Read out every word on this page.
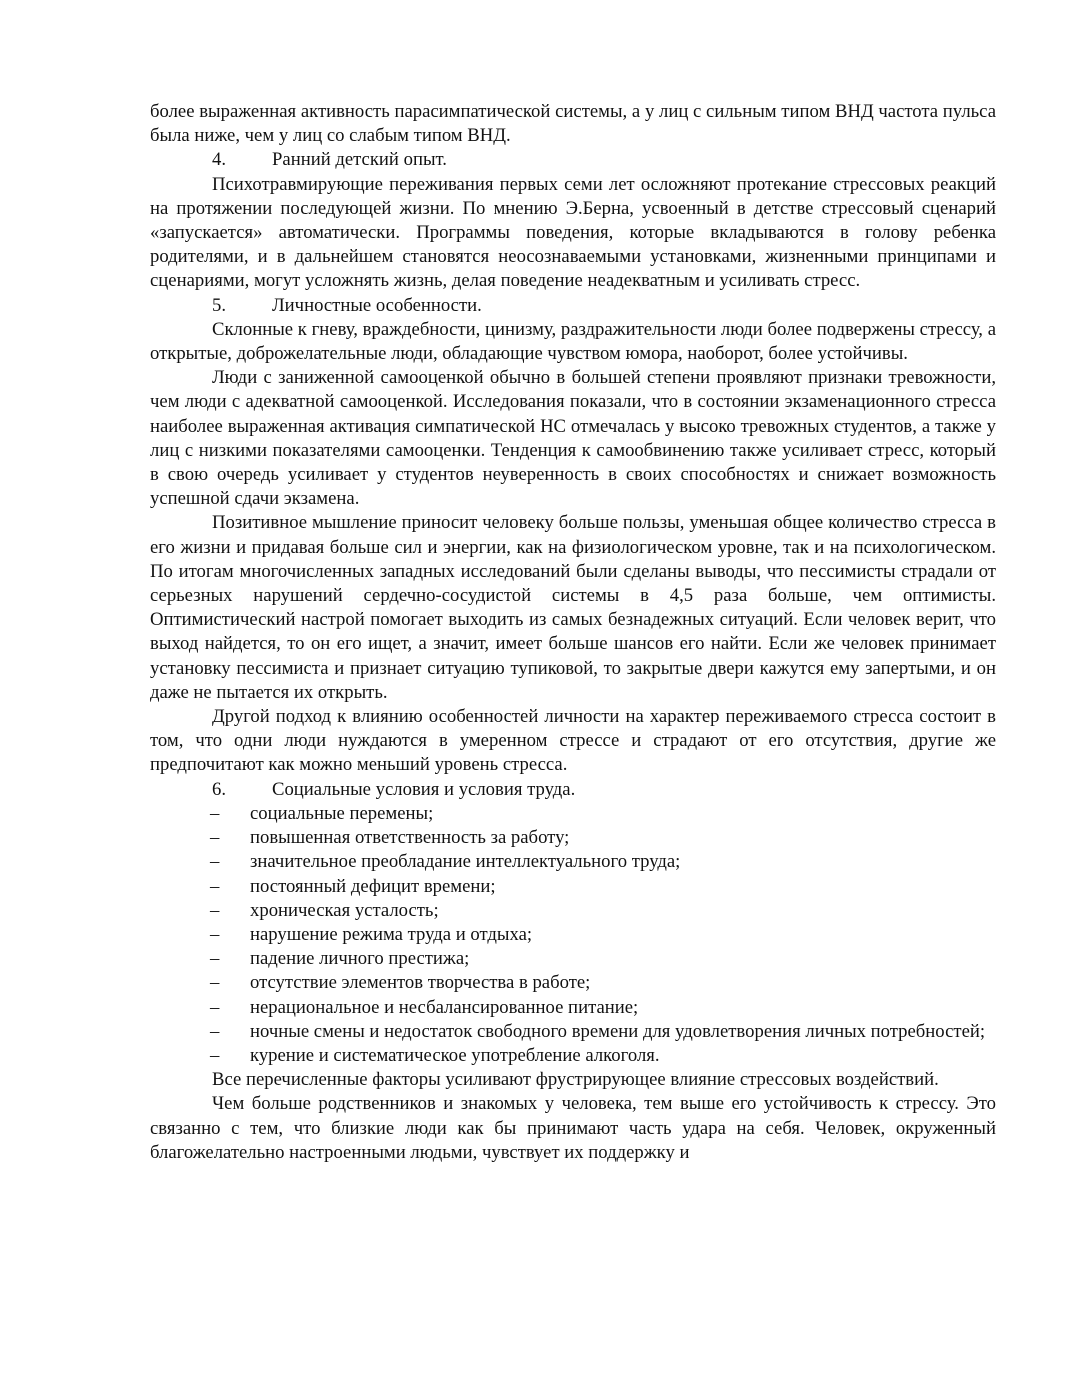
более выраженная активность парасимпатической системы, а у лиц с сильным типом ВНД частота пульса была ниже, чем у лиц со слабым типом ВНД.

4.	Ранний детский опыт.

Психотравмирующие переживания первых семи лет осложняют протекание стрессовых реакций на протяжении последующей жизни. По мнению Э.Берна, усвоенный в детстве стрессовый сценарий «запускается» автоматически. Программы поведения, которые вкладываются в голову ребенка родителями, и в дальнейшем становятся неосознаваемыми установками, жизненными принципами и сценариями, могут усложнять жизнь, делая поведение неадекватным и усиливать стресс.

5.	Личностные особенности.

Склонные к гневу, враждебности, цинизму, раздражительности люди более подвержены стрессу, а открытые, доброжелательные люди, обладающие чувством юмора, наоборот, более устойчивы.

Люди с заниженной самооценкой обычно в большей степени проявляют признаки тревожности, чем люди с адекватной самооценкой. Исследования показали, что в состоянии экзаменационного стресса наиболее выраженная активация симпатической НС отмечалась у высоко тревожных студентов, а также у лиц с низкими показателями самооценки. Тенденция к самообвинению также усиливает стресс, который в свою очередь усиливает у студентов неуверенность в своих способностях и снижает возможность успешной сдачи экзамена.

Позитивное мышление приносит человеку больше пользы, уменьшая общее количество стресса в его жизни и придавая больше сил и энергии, как на физиологическом уровне, так и на психологическом. По итогам многочисленных западных исследований были сделаны выводы, что пессимисты страдали от серьезных нарушений сердечно-сосудистой системы в 4,5 раза больше, чем оптимисты. Оптимистический настрой помогает выходить из самых безнадежных ситуаций. Если человек верит, что выход найдется, то он его ищет, а значит, имеет больше шансов его найти. Если же человек принимает установку пессимиста и признает ситуацию тупиковой, то закрытые двери кажутся ему запертыми, и он даже не пытается их открыть.

Другой подход к влиянию особенностей личности на характер переживаемого стресса состоит в том, что одни люди нуждаются в умеренном стрессе и страдают от его отсутствия, другие же предпочитают как можно меньший уровень стресса.

6.	Социальные условия и условия труда.

– социальные перемены;

– повышенная ответственность за работу;

– значительное преобладание интеллектуального труда;

– постоянный дефицит времени;

– хроническая усталость;

– нарушение режима труда и отдыха;

– падение личного престижа;

– отсутствие элементов творчества в работе;

– нерациональное и несбалансированное питание;

– ночные смены и недостаток свободного времени для удовлетворения личных потребностей;

– курение и систематическое употребление алкоголя.

Все перечисленные факторы усиливают фрустрирующее влияние стрессовых воздействий.

Чем больше родственников и знакомых у человека, тем выше его устойчивость к стрессу. Это связанно с тем, что близкие люди как бы принимают часть удара на себя. Человек, окруженный благожелательно настроенными людьми, чувствует их поддержку и
